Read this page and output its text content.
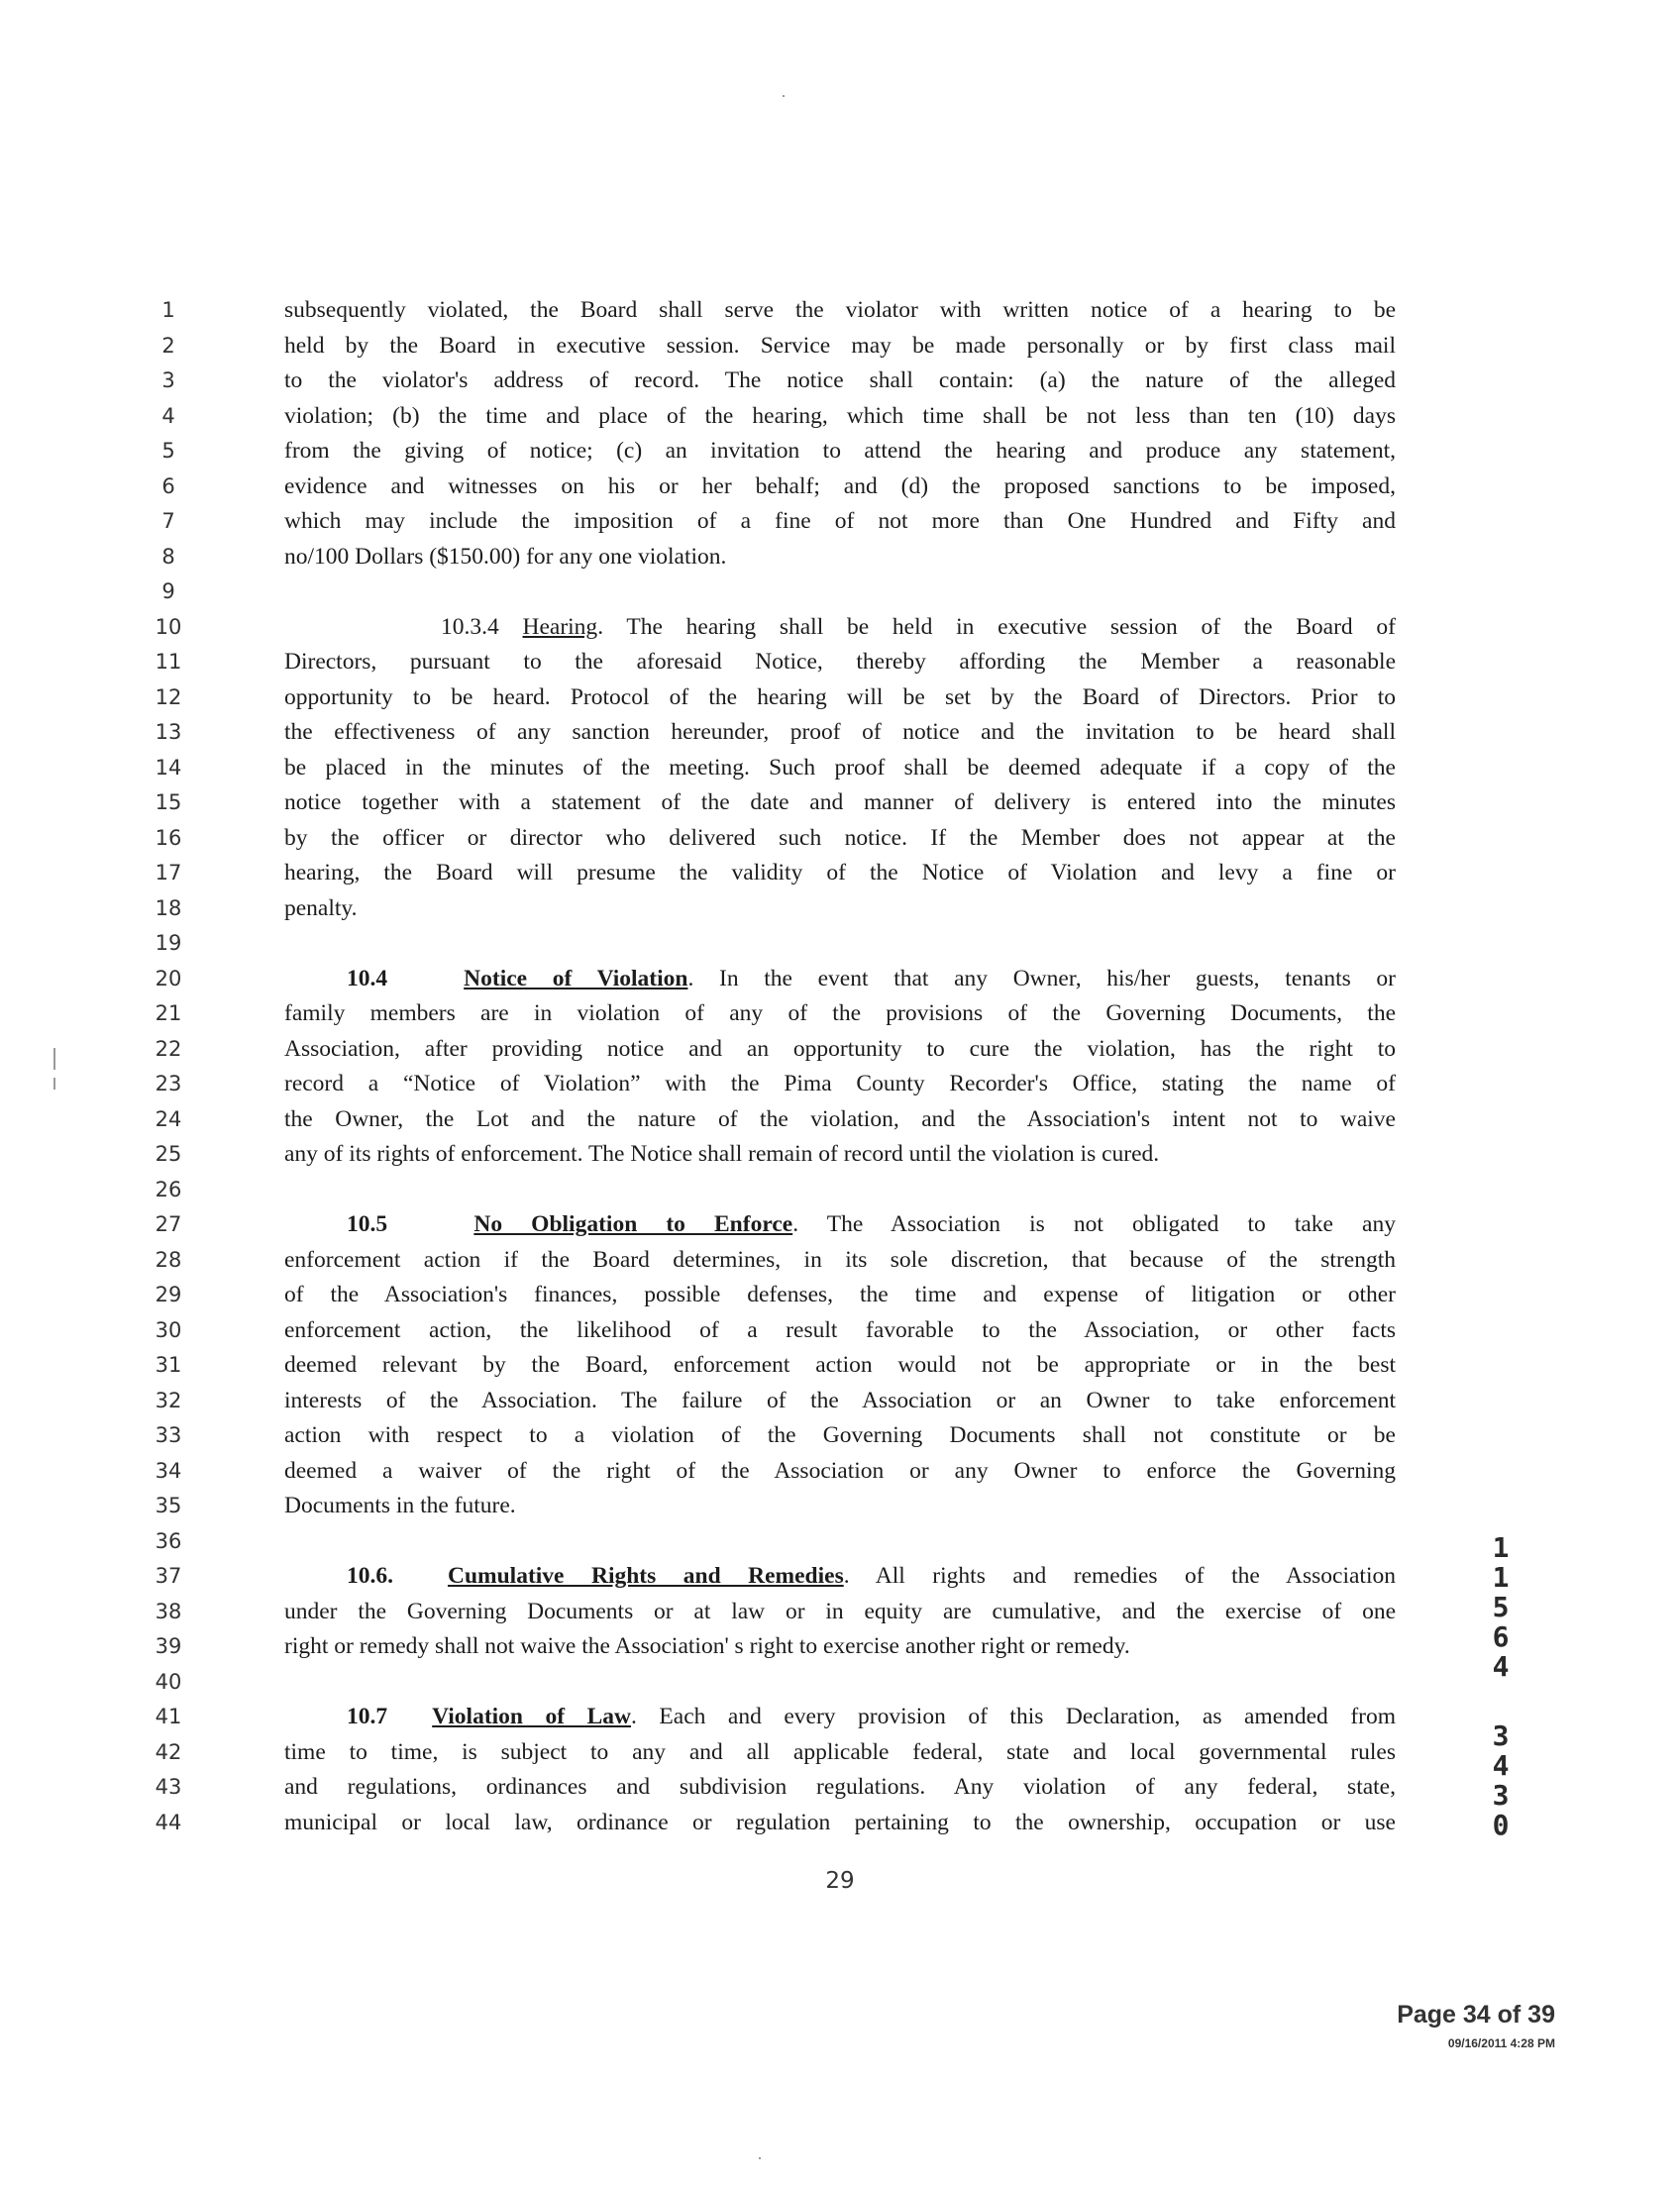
1
2
3
4
5
6
7
8
9
10
11
12
13
14
15
16
17
18
19
20
21
22
23
24
25
26
27
28
29
30
31
32
33
34
35
36
37
38
39
40
41
42
43
44
subsequently violated, the Board shall serve the violator with written notice of a hearing to be
held by the Board in executive session. Service may be made personally or by first class mail
to the violator's address of record. The notice shall contain: (a) the nature of the alleged
violation; (b) the time and place of the hearing, which time shall be not less than ten (10) days
from the giving of notice; (c) an invitation to attend the hearing and produce any statement,
evidence and witnesses on his or her behalf; and (d) the proposed sanctions to be imposed,
which may include the imposition of a fine of not more than One Hundred and Fifty and
no/100 Dollars ($150.00) for any one violation.
10.3.4 Hearing. The hearing shall be held in executive session of the Board of
Directors, pursuant to the aforesaid Notice, thereby affording the Member a reasonable
opportunity to be heard. Protocol of the hearing will be set by the Board of Directors. Prior to
the effectiveness of any sanction hereunder, proof of notice and the invitation to be heard shall
be placed in the minutes of the meeting. Such proof shall be deemed adequate if a copy of the
notice together with a statement of the date and manner of delivery is entered into the minutes
by the officer or director who delivered such notice. If the Member does not appear at the
hearing, the Board will presume the validity of the Notice of Violation and levy a fine or
penalty.
10.4	Notice of Violation. In the event that any Owner, his/her guests, tenants or
family members are in violation of any of the provisions of the Governing Documents, the
Association, after providing notice and an opportunity to cure the violation, has the right to
record a “Notice of Violation” with the Pima County Recorder's Office, stating the name of
the Owner, the Lot and the nature of the violation, and the Association's intent not to waive
any of its rights of enforcement. The Notice shall remain of record until the violation is cured.
10.5	No Obligation to Enforce. The Association is not obligated to take any
enforcement action if the Board determines, in its sole discretion, that because of the strength
of the Association's finances, possible defenses, the time and expense of litigation or other
enforcement action, the likelihood of a result favorable to the Association, or other facts
deemed relevant by the Board, enforcement action would not be appropriate or in the best
interests of the Association. The failure of the Association or an Owner to take enforcement
action with respect to a violation of the Governing Documents shall not constitute or be
deemed a waiver of the right of the Association or any Owner to enforce the Governing
Documents in the future.
10.6. Cumulative Rights and Remedies. All rights and remedies of the Association
under the Governing Documents or at law or in equity are cumulative, and the exercise of one
right or remedy shall not waive the Association' s right to exercise another right or remedy.
10.7 Violation of Law. Each and every provision of this Declaration, as amended from
time to time, is subject to any and all applicable federal, state and local governmental rules
and regulations, ordinances and subdivision regulations. Any violation of any federal, state,
municipal or local law, ordinance or regulation pertaining to the ownership, occupation or use
1
1
5
6
4
3
4
3
0
29
Page 34 of 39
09/16/2011 4:28 PM
